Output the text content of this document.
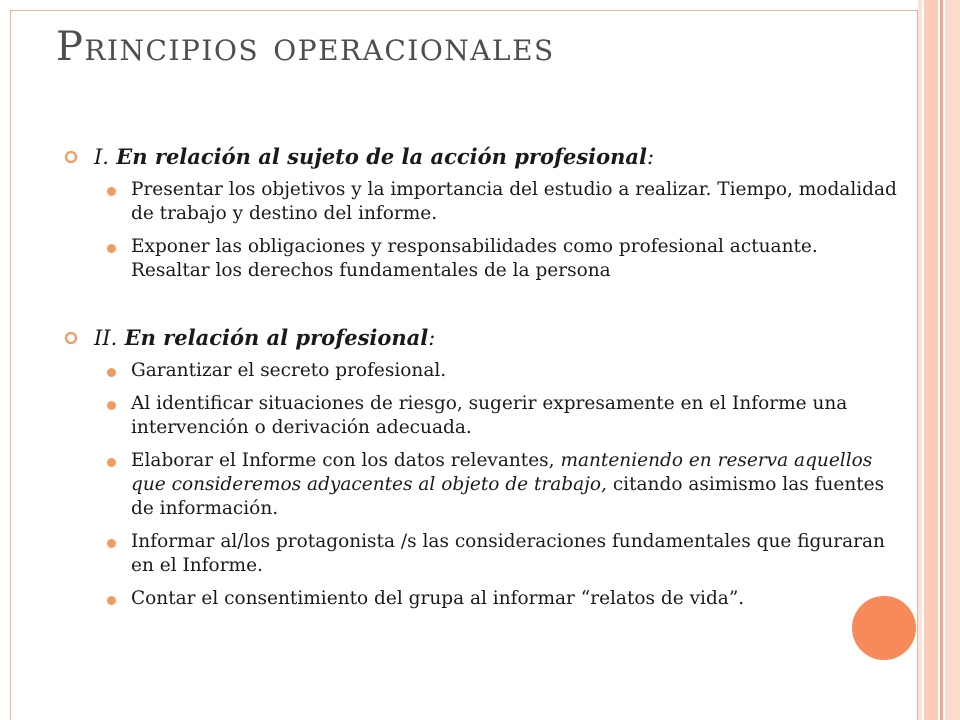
Principios operacionales
I. En relación al sujeto de la acción profesional:
Presentar los objetivos y la importancia del estudio a realizar. Tiempo, modalidad de trabajo y destino del informe.
Exponer las obligaciones y responsabilidades como profesional actuante. Resaltar los derechos fundamentales de la persona
II. En relación al profesional:
Garantizar el secreto profesional.
Al identificar situaciones de riesgo, sugerir expresamente en el Informe una intervención o derivación adecuada.
Elaborar el Informe con los datos relevantes, manteniendo en reserva aquellos que consideremos adyacentes al objeto de trabajo, citando asimismo las fuentes de información.
Informar al/los protagonista /s las consideraciones fundamentales que figuraran en el Informe.
Contar el consentimiento del grupa al informar “relatos de vida”.
